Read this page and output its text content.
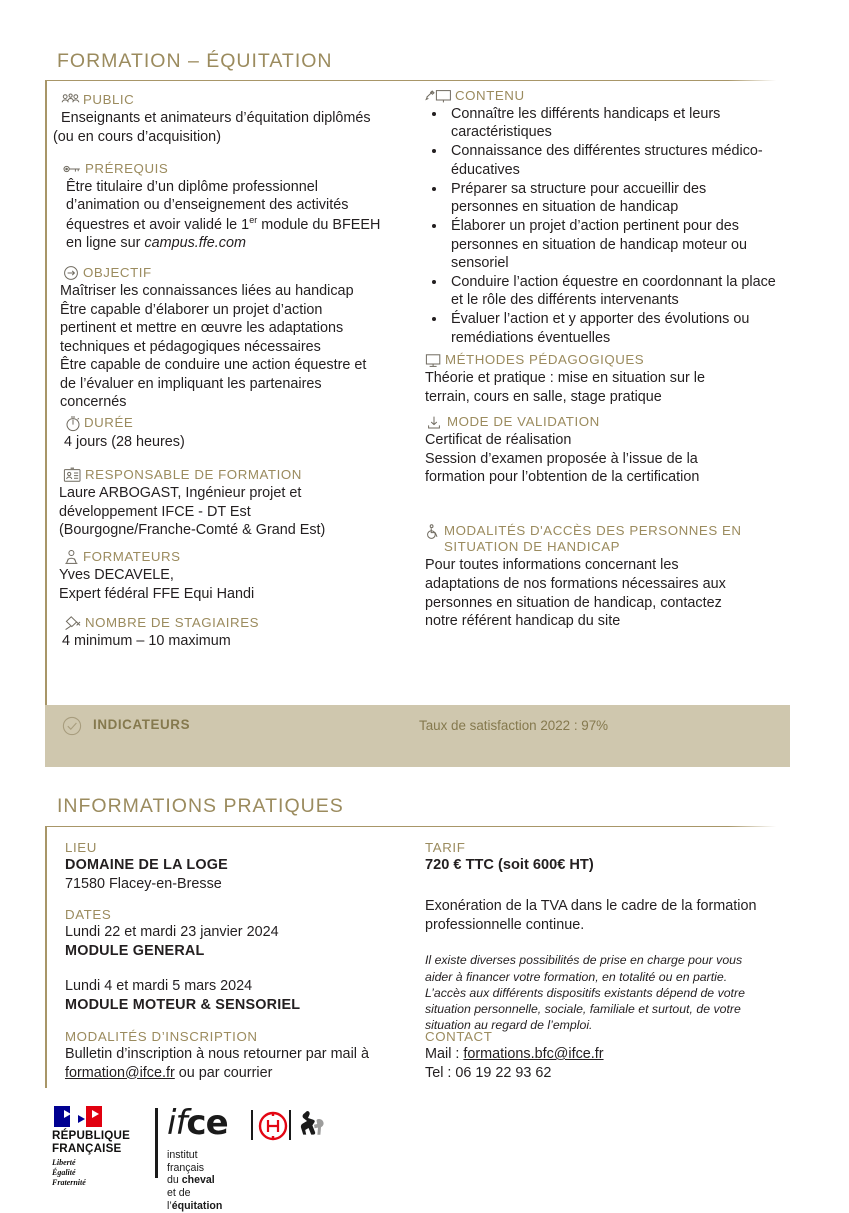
FORMATION – ÉQUITATION
PUBLIC
Enseignants et animateurs d’équitation diplômés
(ou en cours d’acquisition)
PRÉREQUIS
Être titulaire d’un diplôme professionnel
d’animation ou d’enseignement des activités
équestres et avoir validé le 1er module du BFEEH
en ligne sur campus.ffe.com
OBJECTIF
Maîtriser les connaissances liées au handicap
Être capable d’élaborer un projet d’action
pertinent et mettre en œuvre les adaptations
techniques et pédagogiques nécessaires
Être capable de conduire une action équestre et
de l’évaluer en impliquant les partenaires
concernés
DURÉE
4 jours (28 heures)
RESPONSABLE DE FORMATION
Laure ARBOGAST, Ingénieur projet et
développement IFCE - DT Est
(Bourgogne/Franche-Comté & Grand Est)
FORMATEURS
Yves DECAVELE,
Expert fédéral FFE Equi Handi
NOMBRE DE STAGIAIRES
4 minimum – 10 maximum
CONTENU
• Connaître les différents handicaps et leurs caractéristiques
• Connaissance des différentes structures médico-éducatives
• Préparer sa structure pour accueillir des personnes en situation de handicap
• Élaborer un projet d’action pertinent pour des personnes en situation de handicap moteur ou sensoriel
• Conduire l’action équestre en coordonnant la place et le rôle des différents intervenants
• Évaluer l’action et y apporter des évolutions ou remédiations éventuelles
MÉTHODES PÉDAGOGIQUES
Théorie et pratique : mise en situation sur le
terrain, cours en salle, stage pratique
MODE DE VALIDATION
Certificat de réalisation
Session d’examen proposée à l’issue de la
formation pour l’obtention de la certification
MODALITÉS D'ACCÈS DES PERSONNES EN SITUATION DE HANDICAP
Pour toutes informations concernant les
adaptations de nos formations nécessaires aux
personnes en situation de handicap, contactez
notre référent handicap du site
INDICATEURS	Taux de satisfaction 2022 : 97%
INFORMATIONS PRATIQUES
LIEU
DOMAINE DE LA LOGE
71580 Flacey-en-Bresse
DATES
Lundi 22 et mardi 23 janvier 2024
MODULE GENERAL
Lundi 4 et mardi 5 mars 2024
MODULE MOTEUR & SENSORIEL
MODALITÉS D’INSCRIPTION
Bulletin d’inscription à nous retourner par mail à
formation@ifce.fr ou par courrier
TARIF
720 € TTC (soit 600€ HT)
Exonération de la TVA dans le cadre de la formation
professionnelle continue.
Il existe diverses possibilités de prise en charge pour vous
aider à financer votre formation, en totalité ou en partie.
L’accès aux différents dispositifs existants dépend de votre
situation personnelle, sociale, familiale et surtout, de votre
situation au regard de l’emploi.
CONTACT
Mail : formations.bfc@ifce.fr
Tel : 06 19 22 93 62
RÉPUBLIQUE
FRANÇAISE
Liberté
Égalité
Fraternité
ifce
institut français
du cheval
et de l’équitation
